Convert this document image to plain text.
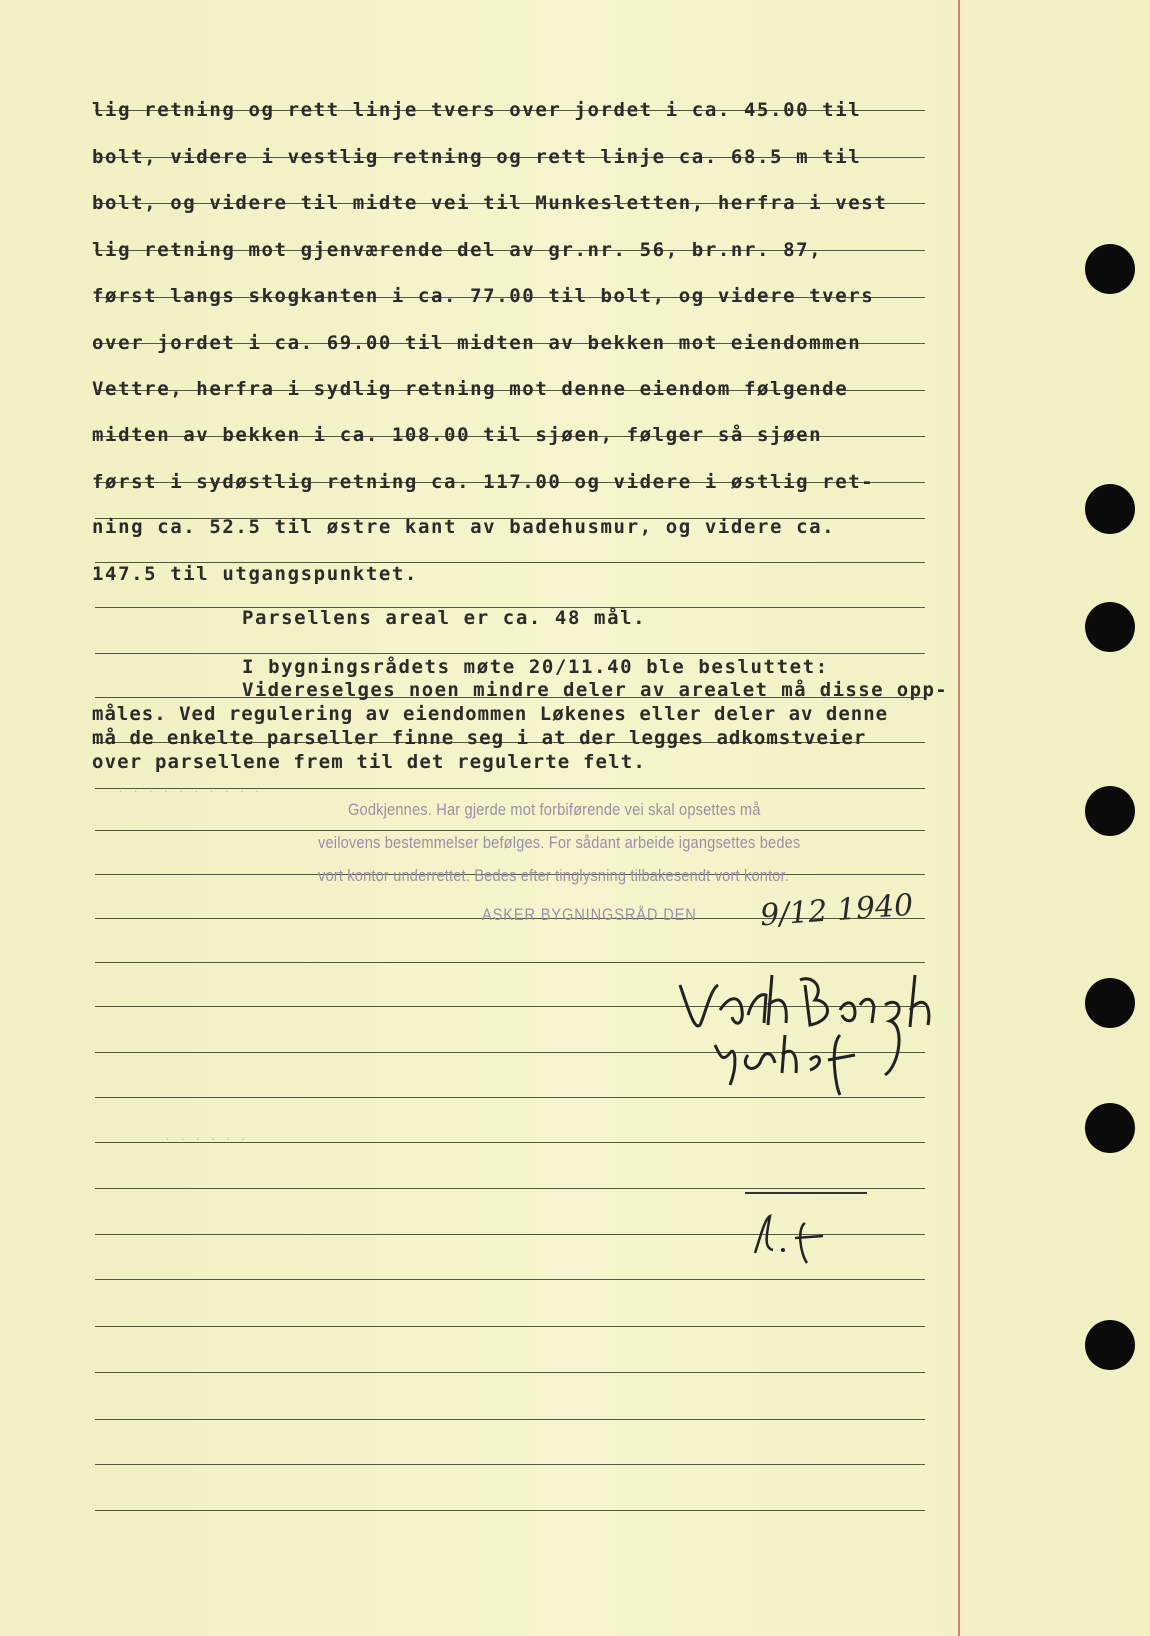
lig retning og rett linje tvers over jordet i ca. 45.00 til
bolt, videre i vestlig retning og rett linje ca. 68.5 m til
bolt, og videre til midte vei til Munkesletten, herfra i vest
lig retning mot gjenværende del av gr.nr. 56, br.nr. 87,
først langs skogkanten i ca. 77.00 til bolt, og videre tvers
over jordet i ca. 69.00 til midten av bekken mot eiendommen
Vettre, herfra i sydlig retning mot denne eiendom følgende
midten av bekken i ca. 108.00 til sjøen, følger så sjøen
først i sydøstlig retning ca. 117.00 og videre i østlig ret-
ning ca. 52.5 til østre kant av badehusmur, og videre ca.
147.5 til utgangspunktet.
Parsellens areal er ca. 48 mål.
I bygningsrådets møte 20/11.40 ble besluttet:
Videreselges noen mindre deler av arealet må disse opp-
måles. Ved regulering av eiendommen Løkenes eller deler av denne
må de enkelte parseller finne seg i at der legges adkomstveier
over parsellene frem til det regulerte felt.
· · · · · · · · · ·
· · · · · ·
Godkjennes. Har gjerde mot forbiførende vei skal opsettes må
veilovens bestemmelser befølges. For sådant arbeide igangsettes bedes
vort kontor underrettet. Bedes efter tinglysning tilbakesendt vort kontor.
ASKER BYGNINGSRÅD DEN 9/12 1940
